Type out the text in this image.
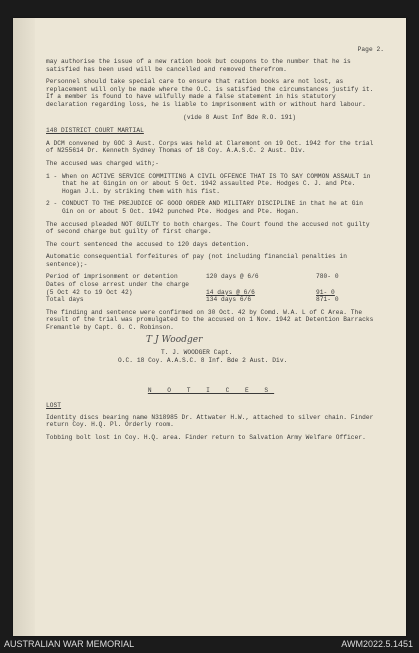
Page 2.

may authorise the issue of a new ration book but coupons to the number that he is satisfied has been used will be cancelled and removed therefrom.

Personnel should take special care to ensure that ration books are not lost, as replacement will only be made where the O.C. is satisfied the circumstances justify it. If a member is found to have wilfully made a false statement in his statutory declaration regarding loss, he is liable to imprisonment with or without hard labour.

(vide 8 Aust Inf Bde R.O. 191)

148 DISTRICT COURT MARTIAL

A DCM convened by GOC 3 Aust. Corps was held at Claremont on 19 Oct. 1942 for the trial of N255614 Dr. Kenneth Sydney Thomas of 18 Coy. A.A.S.C. 2 Aust. Div.

The accused was charged with;-

1 - When on ACTIVE SERVICE COMMITTING A CIVIL OFFENCE THAT IS TO SAY COMMON ASSAULT in that he at Gingin on or about 5 Oct. 1942 assaulted Pte. Hodges C. J. and Pte. Hogan J.L. by striking them with his fist.
2 - CONDUCT TO THE PREJUDICE OF GOOD ORDER AND MILITARY DISCIPLINE in that he at Gin Gin on or about 5 Oct. 1942 punched Pte. Hodges and Pte. Hogan.

The accused pleaded NOT GUILTY to both charges. The Court found the accused not guilty of second charge but guilty of first charge.

The court sentenced the accused to 120 days detention.

Automatic consequential forfeitures of pay (not including financial penalties in sentence);-

Period of imprisonment or detention	120 days @ 6/6	780- 0
Dates of close arrest under the charge
(5 Oct 42 to 19 Oct 42)	14 days @ 6/6	91- 0
Total days	134 days 6/6	871- 0

The finding and sentence were confirmed on 30 Oct. 42 by Comd. W.A. L of C Area. The result of the trial was promulgated to the accused on 1 Nov. 1942 at Detention Barracks Fremantle by Capt. G. C. Robinson.

T J Woodger
T. J. WOODGER Capt.
O.C. 18 Coy. A.A.S.C. 8 Inf. Bde 2 Aust. Div.
N O T I C E S
LOST

Identity discs bearing name N318985 Dr. Attwater H.W., attached to silver chain. Finder return Coy. H.Q. Pl. Orderly room.

Tobbing bolt lost in Coy. H.Q. area. Finder return to Salvation Army Welfare Officer.

AUSTRALIAN WAR MEMORIAL	AWM2022.5.1451
